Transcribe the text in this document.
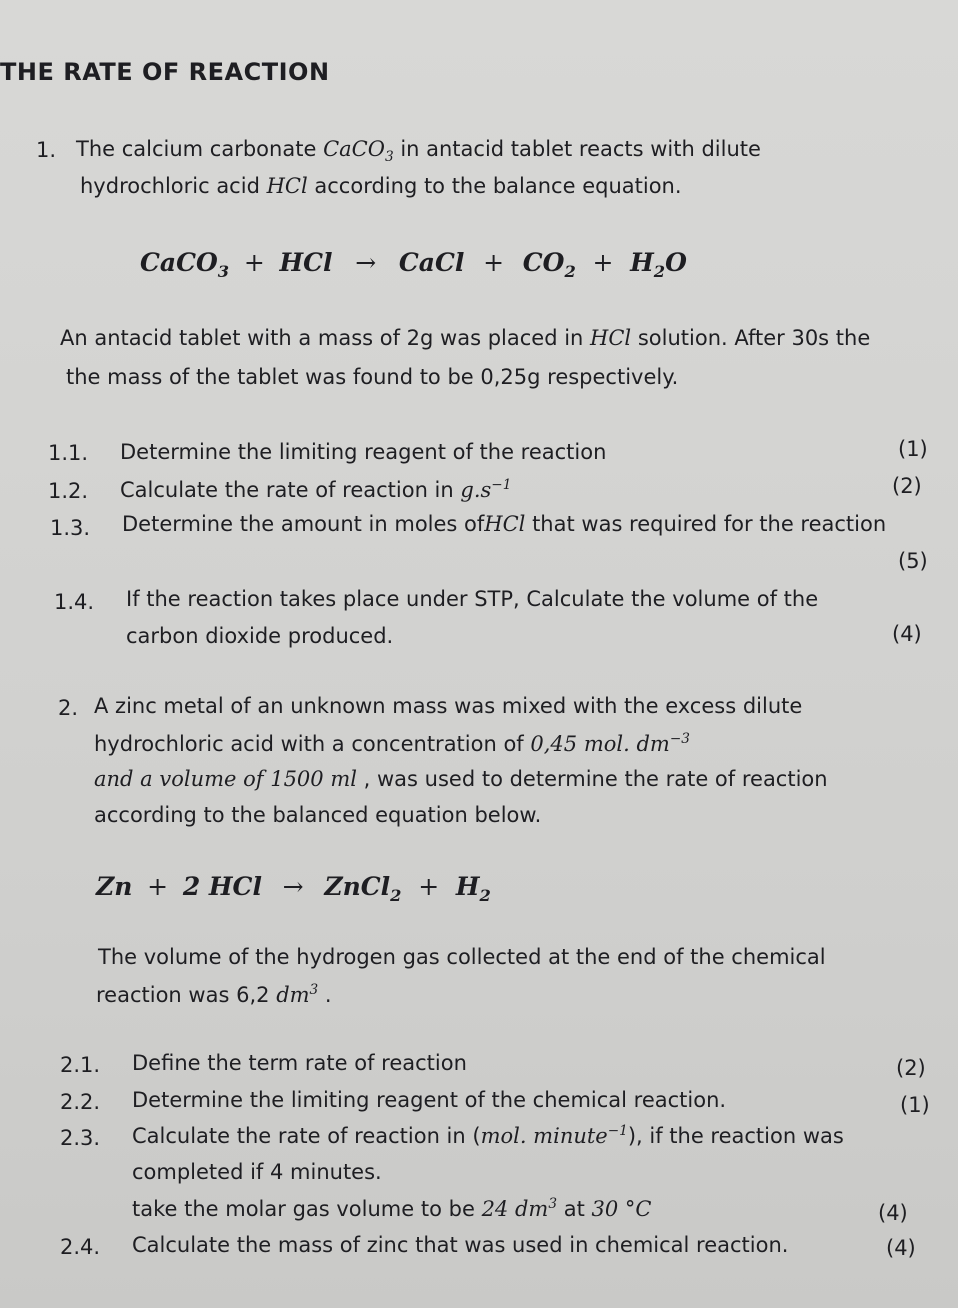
THE RATE OF REACTION
1. The calcium carbonate CaCO$_3$ in antacid tablet reacts with dilute
hydrochloric acid HCl according to the balance equation.
CaCO$_3$ + HCl → CaCl + $CO_2 + H_2O$
An antacid tablet with a mass of 2g was placed in HCl solution. After 30s the
the mass of the tablet was found to be 0,25g respectively.
1.1. Determine the limiting reagent of the reaction	(1)
1.2. Calculate the rate of reaction in $g.s^{-1}$	(2)
1.3. Determine the amount in moles ofHCl that was required for the reaction
(5)
1.4. If the reaction takes place under STP, Calculate the volume of the
carbon dioxide produced.	(4)
2. A zinc metal of an unknown mass was mixed with the excess dilute
hydrochloric acid with a concentration of 0,45 mol. $dm^{-3}$
and a volume of 1500 ml , was used to determine the rate of reaction
according to the balanced equation below.
Zn + 2 HCl → ZnCl$_2$ + $H_2$
The volume of the hydrogen gas collected at the end of the chemical
reaction was 6,2 $dm^3$ .
2.1. Define the term rate of reaction	(2)
2.2. Determine the limiting reagent of the chemical reaction.	(1)
2.3. Calculate the rate of reaction in (mol. minute$^{-1}$), if the reaction was
completed if 4 minutes.
take the molar gas volume to be 24 $dm^3$ at 30 °C	(4)
2.4. Calculate the mass of zinc that was used in chemical reaction.	(4)
